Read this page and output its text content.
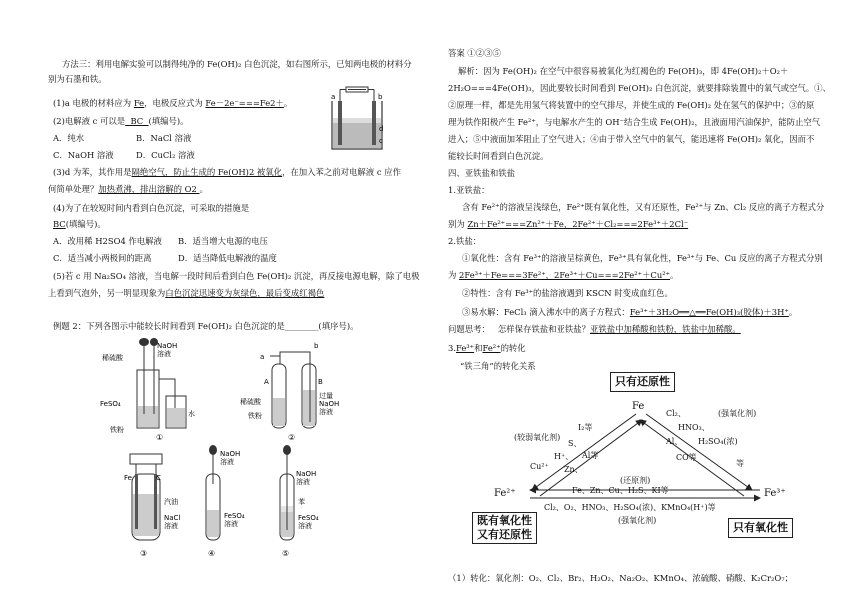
方法三：利用电解实验可以制得纯净的 Fe(OH)₂ 白色沉淀，如右图所示，已知两电极的材料分
别为石墨和铁。
(1)a 电极的材料应为 Fe，电极反应式为 Fe－2e⁻===Fe2＋。
(2)电解液 c 可以是  BC  (填编号)。
A．纯水	B．NaCl 溶液
C．NaOH 溶液	D．CuCl₂ 溶液
(3)d 为苯，其作用是隔绝空气，防止生成的 Fe(OH)2 被氧化，在加入苯之前对电解液 c 应作
何简单处理？加热煮沸，排出溶解的 O2 。
(4)为了在较短时间内看到白色沉淀，可采取的措施是
BC(填编号)。
A．改用稀 H2SO4 作电解液 B．适当增大电源的电压
C．适当减小两极间的距离	D．适当降低电解液的温度
(5)若 c 用 Na₂SO₄ 溶液，当电解一段时间后看到白色 Fe(OH)₂ 沉淀，再反接电源电解，除了电极
上看到气泡外，另一明显现象为白色沉淀迅速变为灰绿色，最后变成红褐色
例题 2：下列各图示中能较长时间看到 Fe(OH)₂ 白色沉淀的是________(填序号)。
a	b
d
c
稀硫酸
NaOH 溶液
FeSO₄
铁粉
水
①
a
b
A	B
稀硫酸
铁粉
过量 NaOH 溶液
②
Fe	C
汽油
NaCl 溶液
③
NaOH 溶液
FeSO₄ 溶液
④
NaOH 溶液
苯
FeSO₄ 溶液
⑤
答案 ①②③⑤
解析：因为 Fe(OH)₂ 在空气中很容易被氧化为红褐色的 Fe(OH)₃，即 4Fe(OH)₂＋O₂＋
2H₂O===4Fe(OH)₃，因此要较长时间看到 Fe(OH)₂ 白色沉淀，就要排除装置中的氧气或空气。①、
②原理一样，都是先用氢气将装置中的空气排尽，并使生成的 Fe(OH)₂ 处在氢气的保护中；③的原
理为铁作阳极产生 Fe²⁺，与电解水产生的 OH⁻结合生成 Fe(OH)₂，且液面用汽油保护，能防止空气
进入；⑤中液面加苯阻止了空气进入；④由于带入空气中的氧气，能迅速将 Fe(OH)₂ 氧化，因而不
能较长时间看到白色沉淀。
四、亚铁盐和铁盐
1.亚铁盐：
含有 Fe²⁺的溶液呈浅绿色，Fe²⁺既有氧化性，又有还原性，Fe²⁺与 Zn、Cl₂ 反应的离子方程式分
别为 Zn＋Fe²⁺===Zn²⁺＋Fe，2Fe²⁺＋Cl₂===2Fe³⁺＋2Cl⁻
2.铁盐：
①氧化性：含有 Fe³⁺的溶液呈棕黄色，Fe³⁺具有氧化性，Fe³⁺与 Fe、Cu 反应的离子方程式分别
为 2Fe³⁺＋Fe===3Fe²⁺，2Fe³⁺＋Cu===2Fe²⁺＋Cu²⁺。
②特性：含有 Fe³⁺的盐溶液遇到 KSCN 时变成血红色。
③易水解：FeCl₃ 滴入沸水中的离子方程式：Fe³⁺＋3H₂O══△══Fe(OH)₃(胶体)＋3H⁺。
问题思考： 怎样保存铁盐和亚铁盐？亚铁盐中加稀酸和铁粉，铁盐中加稀酸。
3.Fe³⁺和Fe²⁺的转化
“铁三角”的转化关系
（1）转化：氧化剂：O₂、Cl₂、Br₂、H₂O₂、Na₂O₂、KMnO₄、浓硫酸、硝酸、K₂Cr₂O₇；
只有还原性
Fe
Fe²⁺	Fe³⁺
既有氧化性
又有还原性
只有氧化性
(较弱氧化剂)
I₂等
S、
H⁺、
Cu²⁺
Al等
Zn、
Cl₂、
HNO₃、
H₂SO₄(浓)
等
(强氧化剂)
Al、
CO等
(还原剂)
Fe、Zn、Cu、H₂S、KI等
Cl₂、O₂、HNO₃、H₂SO₄(浓)、KMnO₄(H⁺)等
(强氧化剂)
